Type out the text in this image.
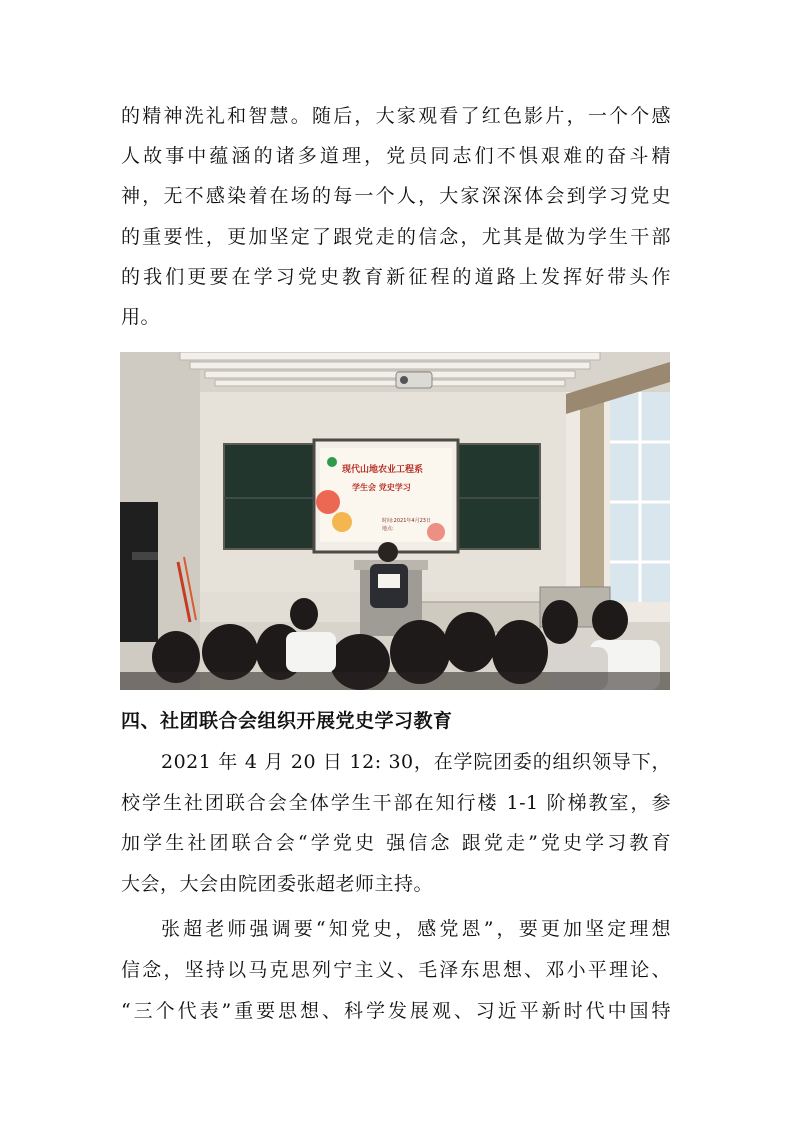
的精神洗礼和智慧。随后，大家观看了红色影片，一个个感
人故事中蕴涵的诸多道理，党员同志们不惧艰难的奋斗精
神，无不感染着在场的每一个人，大家深深体会到学习党史
的重要性，更加坚定了跟党走的信念，尤其是做为学生干部
的我们更要在学习党史教育新征程的道路上发挥好带头作
用。
现代山地农业工程系
学生会 党史学习
时间:2021年4月23日
地点:
四、社团联合会组织开展党史学习教育
2021 年 4 月 20 日 12: 30，在学院团委的组织领导下，
校学生社团联合会全体学生干部在知行楼 1-1 阶梯教室，参
加学生社团联合会“学党史 强信念 跟党走”党史学习教育
大会，大会由院团委张超老师主持。
张超老师强调要“知党史，感党恩”，要更加坚定理想
信念，坚持以马克思列宁主义、毛泽东思想、邓小平理论、
“三个代表”重要思想、科学发展观、习近平新时代中国特
